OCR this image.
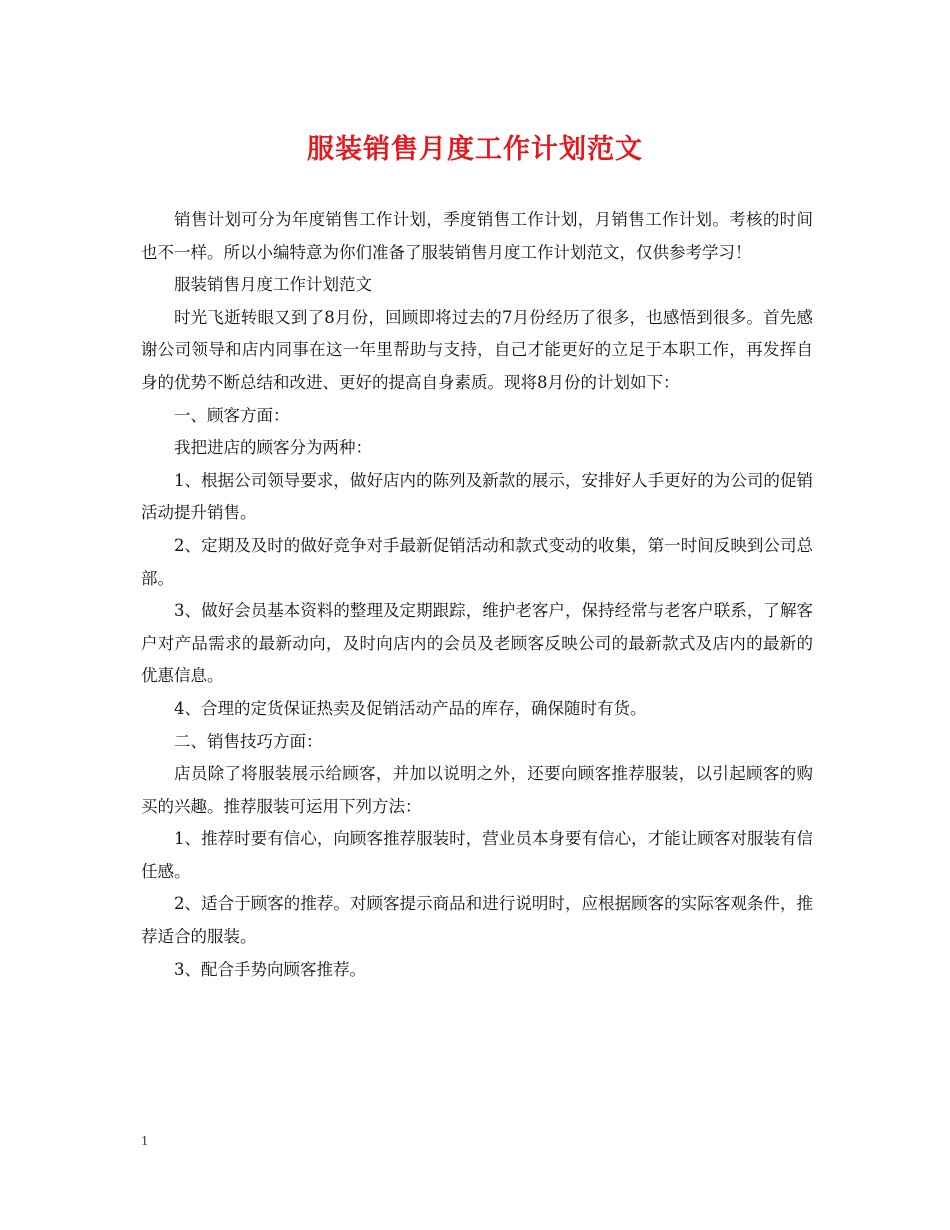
服装销售月度工作计划范文

销售计划可分为年度销售工作计划，季度销售工作计划，月销售工作计划。考核的时间也不一样。所以小编特意为你们准备了服装销售月度工作计划范文，仅供参考学习！

服装销售月度工作计划范文

时光飞逝转眼又到了8月份，回顾即将过去的7月份经历了很多，也感悟到很多。首先感谢公司领导和店内同事在这一年里帮助与支持，自己才能更好的立足于本职工作，再发挥自身的优势不断总结和改进、更好的提高自身素质。现将8月份的计划如下：

一、顾客方面：

我把进店的顾客分为两种：

1、根据公司领导要求，做好店内的陈列及新款的展示，安排好人手更好的为公司的促销活动提升销售。

2、定期及及时的做好竞争对手最新促销活动和款式变动的收集，第一时间反映到公司总部。

3、做好会员基本资料的整理及定期跟踪，维护老客户，保持经常与老客户联系，了解客户对产品需求的最新动向，及时向店内的会员及老顾客反映公司的最新款式及店内的最新的优惠信息。

4、合理的定货保证热卖及促销活动产品的库存，确保随时有货。

二、销售技巧方面：

店员除了将服装展示给顾客，并加以说明之外，还要向顾客推荐服装，以引起顾客的购买的兴趣。推荐服装可运用下列方法：

1、推荐时要有信心，向顾客推荐服装时，营业员本身要有信心，才能让顾客对服装有信任感。

2、适合于顾客的推荐。对顾客提示商品和进行说明时，应根据顾客的实际客观条件，推荐适合的服装。

3、配合手势向顾客推荐。

1
